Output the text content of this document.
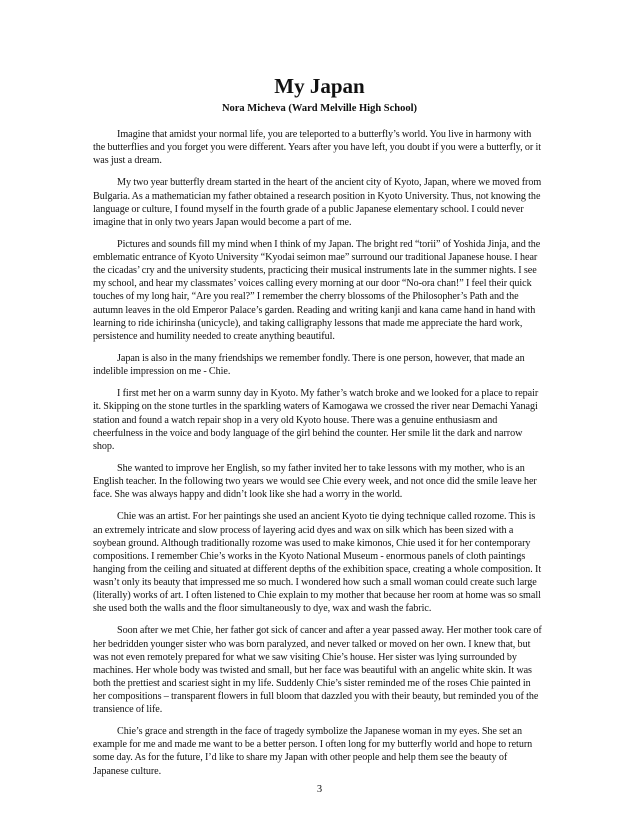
My Japan
Nora Micheva (Ward Melville High School)

Imagine that amidst your normal life, you are teleported to a butterfly’s world. You live in harmony with the butterflies and you forget you were different. Years after you have left, you doubt if you were a butterfly, or it was just a dream.

My two year butterfly dream started in the heart of the ancient city of Kyoto, Japan, where we moved from Bulgaria. As a mathematician my father obtained a research position in Kyoto University. Thus, not knowing the language or culture, I found myself in the fourth grade of a public Japanese elementary school. I could never imagine that in only two years Japan would become a part of me.

Pictures and sounds fill my mind when I think of my Japan. The bright red “torii” of Yoshida Jinja, and the emblematic entrance of Kyoto University “Kyodai seimon mae” surround our traditional Japanese house. I hear the cicadas’ cry and the university students, practicing their musical instruments late in the summer nights. I see my school, and hear my classmates’ voices calling every morning at our door “No-ora chan!” I feel their quick touches of my long hair, “Are you real?” I remember the cherry blossoms of the Philosopher’s Path and the autumn leaves in the old Emperor Palace’s garden. Reading and writing kanji and kana came hand in hand with learning to ride ichirinsha (unicycle), and taking calligraphy lessons that made me appreciate the hard work, persistence and humility needed to create anything beautiful.

Japan is also in the many friendships we remember fondly. There is one person, however, that made an indelible impression on me - Chie.

I first met her on a warm sunny day in Kyoto. My father’s watch broke and we looked for a place to repair it. Skipping on the stone turtles in the sparkling waters of Kamogawa we crossed the river near Demachi Yanagi station and found a watch repair shop in a very old Kyoto house. There was a genuine enthusiasm and cheerfulness in the voice and body language of the girl behind the counter. Her smile lit the dark and narrow shop.

She wanted to improve her English, so my father invited her to take lessons with my mother, who is an English teacher. In the following two years we would see Chie every week, and not once did the smile leave her face. She was always happy and didn’t look like she had a worry in the world.

Chie was an artist. For her paintings she used an ancient Kyoto tie dying technique called rozome. This is an extremely intricate and slow process of layering acid dyes and wax on silk which has been sized with a soybean ground. Although traditionally rozome was used to make kimonos, Chie used it for her contemporary compositions. I remember Chie’s works in the Kyoto National Museum - enormous panels of cloth paintings hanging from the ceiling and situated at different depths of the exhibition space, creating a whole composition. It wasn’t only its beauty that impressed me so much. I wondered how such a small woman could create such large (literally) works of art. I often listened to Chie explain to my mother that because her room at home was so small she used both the walls and the floor simultaneously to dye, wax and wash the fabric.

Soon after we met Chie, her father got sick of cancer and after a year passed away. Her mother took care of her bedridden younger sister who was born paralyzed, and never talked or moved on her own. I knew that, but was not even remotely prepared for what we saw visiting Chie’s house. Her sister was lying surrounded by machines. Her whole body was twisted and small, but her face was beautiful with an angelic white skin. It was both the prettiest and scariest sight in my life. Suddenly Chie’s sister reminded me of the roses Chie painted in her compositions – transparent flowers in full bloom that dazzled you with their beauty, but reminded you of the transience of life.

Chie’s grace and strength in the face of tragedy symbolize the Japanese woman in my eyes. She set an example for me and made me want to be a better person. I often long for my butterfly world and hope to return some day. As for the future, I’d like to share my Japan with other people and help them see the beauty of Japanese culture.

3
